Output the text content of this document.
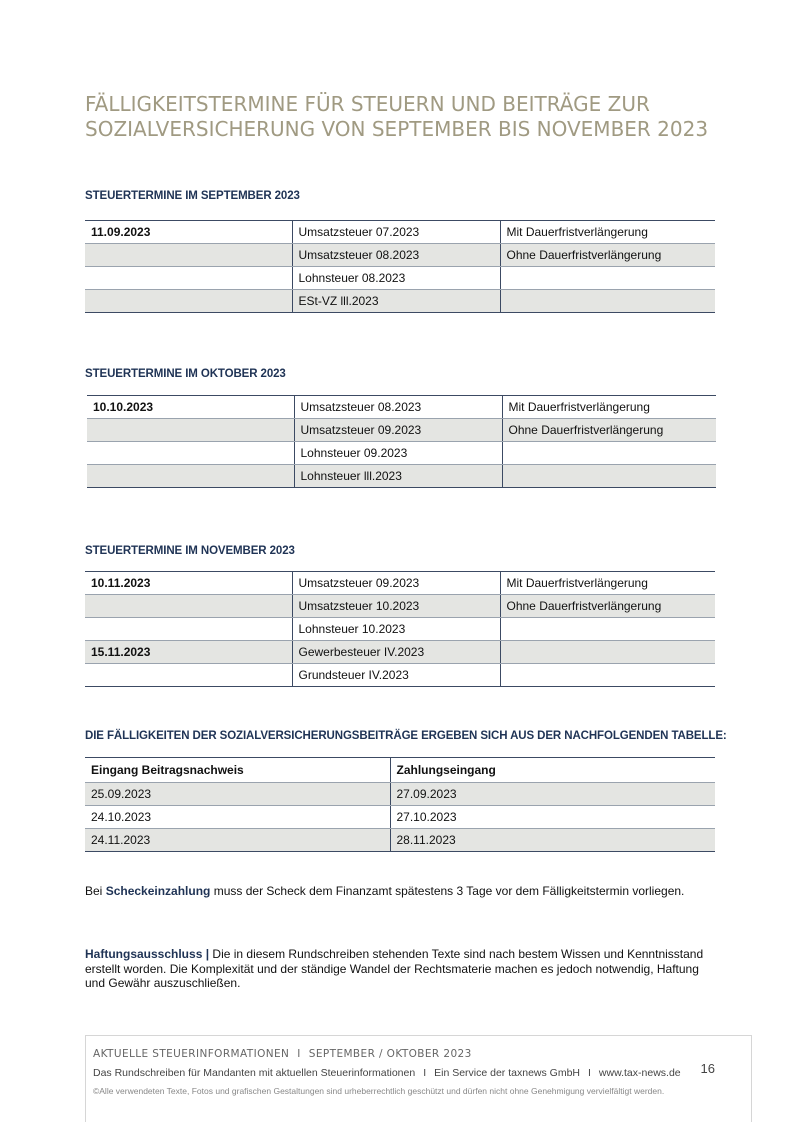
FÄLLIGKEITSTERMINE FÜR STEUERN UND BEITRÄGE ZUR
SOZIALVERSICHERUNG VON SEPTEMBER BIS NOVEMBER 2023
STEUERTERMINE IM SEPTEMBER 2023
11.09.2023	Umsatzsteuer 07.2023	Mit Dauerfristverlängerung
	Umsatzsteuer 08.2023	Ohne Dauerfristverlängerung
	Lohnsteuer 08.2023	
	ESt-VZ lll.2023	
STEUERTERMINE IM OKTOBER 2023
10.10.2023	Umsatzsteuer 08.2023	Mit Dauerfristverlängerung
	Umsatzsteuer 09.2023	Ohne Dauerfristverlängerung
	Lohnsteuer 09.2023	
	Lohnsteuer lll.2023	
STEUERTERMINE IM NOVEMBER 2023
10.11.2023	Umsatzsteuer 09.2023	Mit Dauerfristverlängerung
	Umsatzsteuer 10.2023	Ohne Dauerfristverlängerung
	Lohnsteuer 10.2023	
15.11.2023	Gewerbesteuer IV.2023	
	Grundsteuer IV.2023	
DIE FÄLLIGKEITEN DER SOZIALVERSICHERUNGSBEITRÄGE ERGEBEN SICH AUS DER NACHFOLGENDEN TABELLE:
Eingang Beitragsnachweis	Zahlungseingang
25.09.2023	27.09.2023
24.10.2023	27.10.2023
24.11.2023	28.11.2023
Bei Scheckeinzahlung muss der Scheck dem Finanzamt spätestens 3 Tage vor dem Fälligkeitstermin vorliegen.
Haftungsausschluss | Die in diesem Rundschreiben stehenden Texte sind nach bestem Wissen und Kenntnisstand erstellt worden. Die Komplexität und der ständige Wandel der Rechtsmaterie machen es jedoch notwendig, Haftung und Gewähr auszuschließen.
AKTUELLE STEUERINFORMATIONEN I SEPTEMBER / OKTOBER 2023
Das Rundschreiben für Mandanten mit aktuellen Steuerinformationen I Ein Service der taxnews GmbH I www.tax-news.de
©Alle verwendeten Texte, Fotos und grafischen Gestaltungen sind urheberrechtlich geschützt und dürfen nicht ohne Genehmigung vervielfältigt werden.
16
